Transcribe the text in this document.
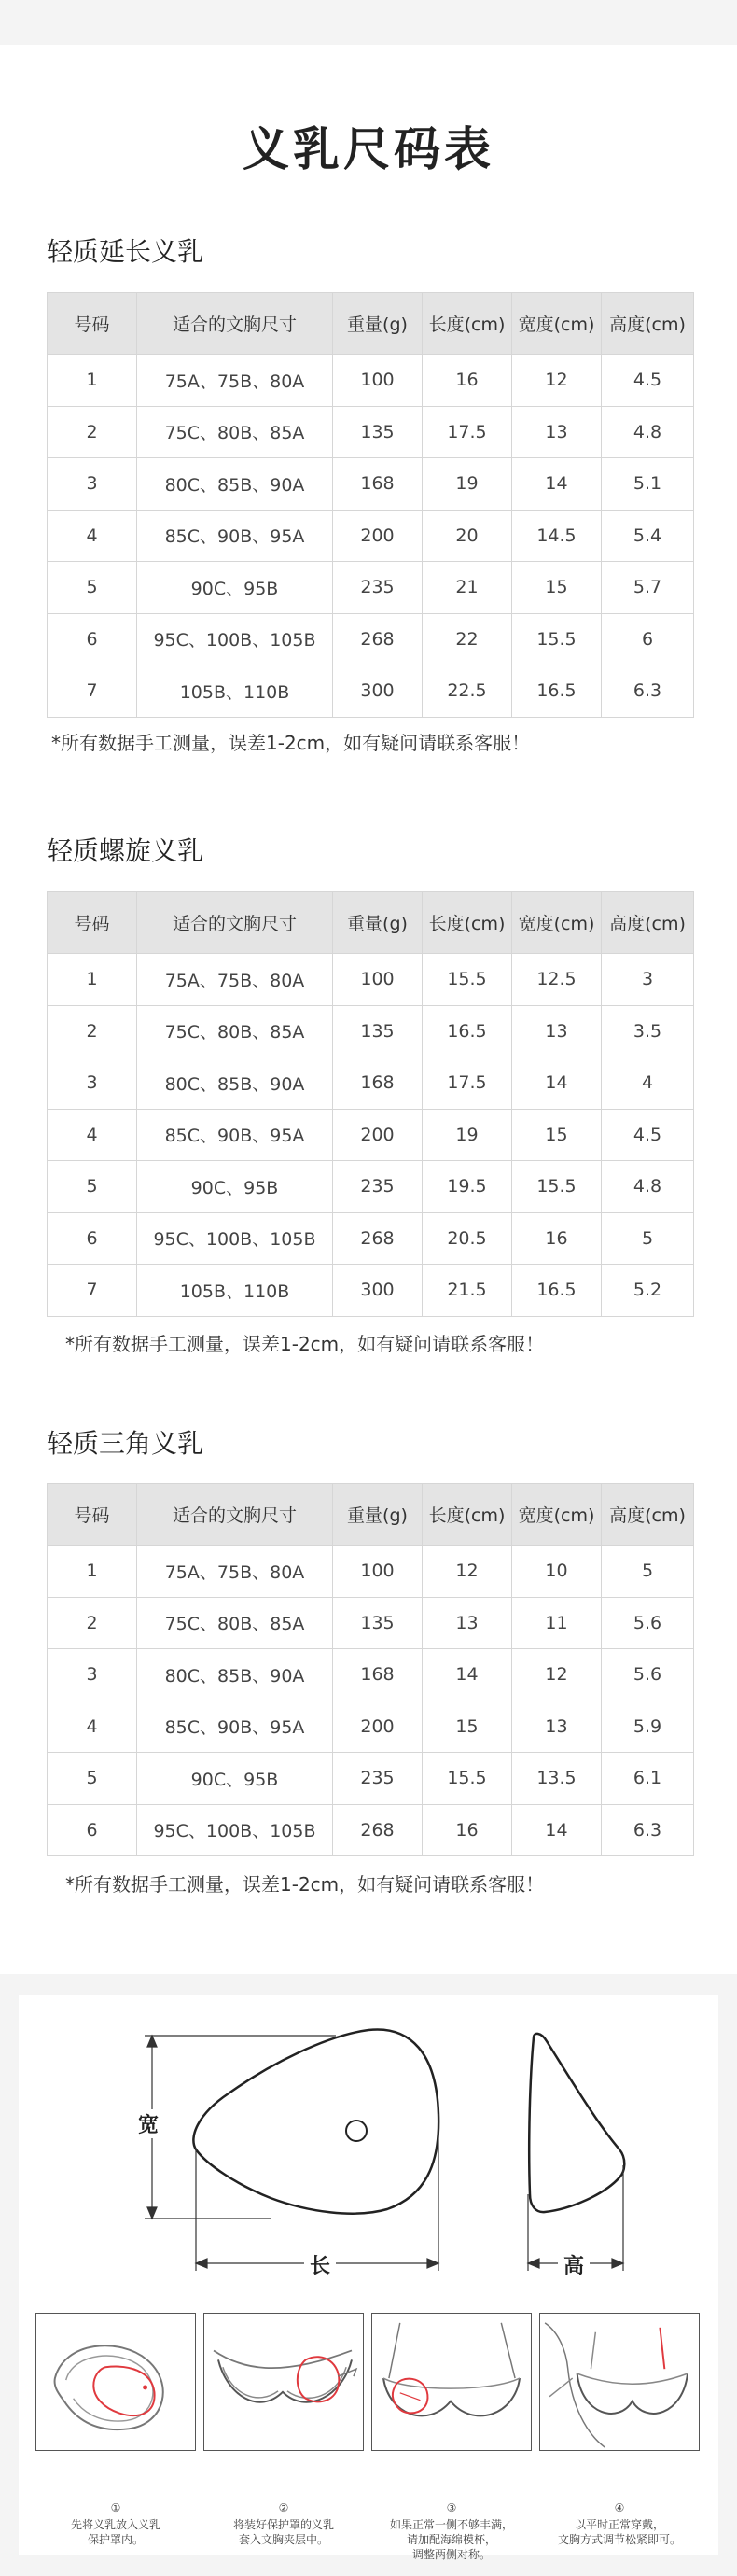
义乳尺码表
轻质延长义乳
号码	适合的文胸尺寸	重量(g)	长度(cm)	宽度(cm)	高度(cm)
1	75A、75B、80A	100	16	12	4.5
2	75C、80B、85A	135	17.5	13	4.8
3	80C、85B、90A	168	19	14	5.1
4	85C、90B、95A	200	20	14.5	5.4
5	90C、95B	235	21	15	5.7
6	95C、100B、105B	268	22	15.5	6
7	105B、110B	300	22.5	16.5	6.3

*所有数据手工测量，误差1-2cm，如有疑问请联系客服！

轻质螺旋义乳
号码	适合的文胸尺寸	重量(g)	长度(cm)	宽度(cm)	高度(cm)
1	75A、75B、80A	100	15.5	12.5	3
2	75C、80B、85A	135	16.5	13	3.5
3	80C、85B、90A	168	17.5	14	4
4	85C、90B、95A	200	19	15	4.5
5	90C、95B	235	19.5	15.5	4.8
6	95C、100B、105B	268	20.5	16	5
7	105B、110B	300	21.5	16.5	5.2

*所有数据手工测量，误差1-2cm，如有疑问请联系客服！

轻质三角义乳
号码	适合的文胸尺寸	重量(g)	长度(cm)	宽度(cm)	高度(cm)
1	75A、75B、80A	100	12	10	5
2	75C、80B、85A	135	13	11	5.6
3	80C、85B、90A	168	14	12	5.6
4	85C、90B、95A	200	15	13	5.9
5	90C、95B	235	15.5	13.5	6.1
6	95C、100B、105B	268	16	14	6.3

*所有数据手工测量，误差1-2cm，如有疑问请联系客服！

宽
长	高
①
先将义乳放入义乳
保护罩内。
②
将装好保护罩的义乳
套入文胸夹层中。
③
如果正常一侧不够丰满，
请加配海绵模杯，
调整两侧对称。
④
以平时正常穿戴，
文胸方式调节松紧即可。
